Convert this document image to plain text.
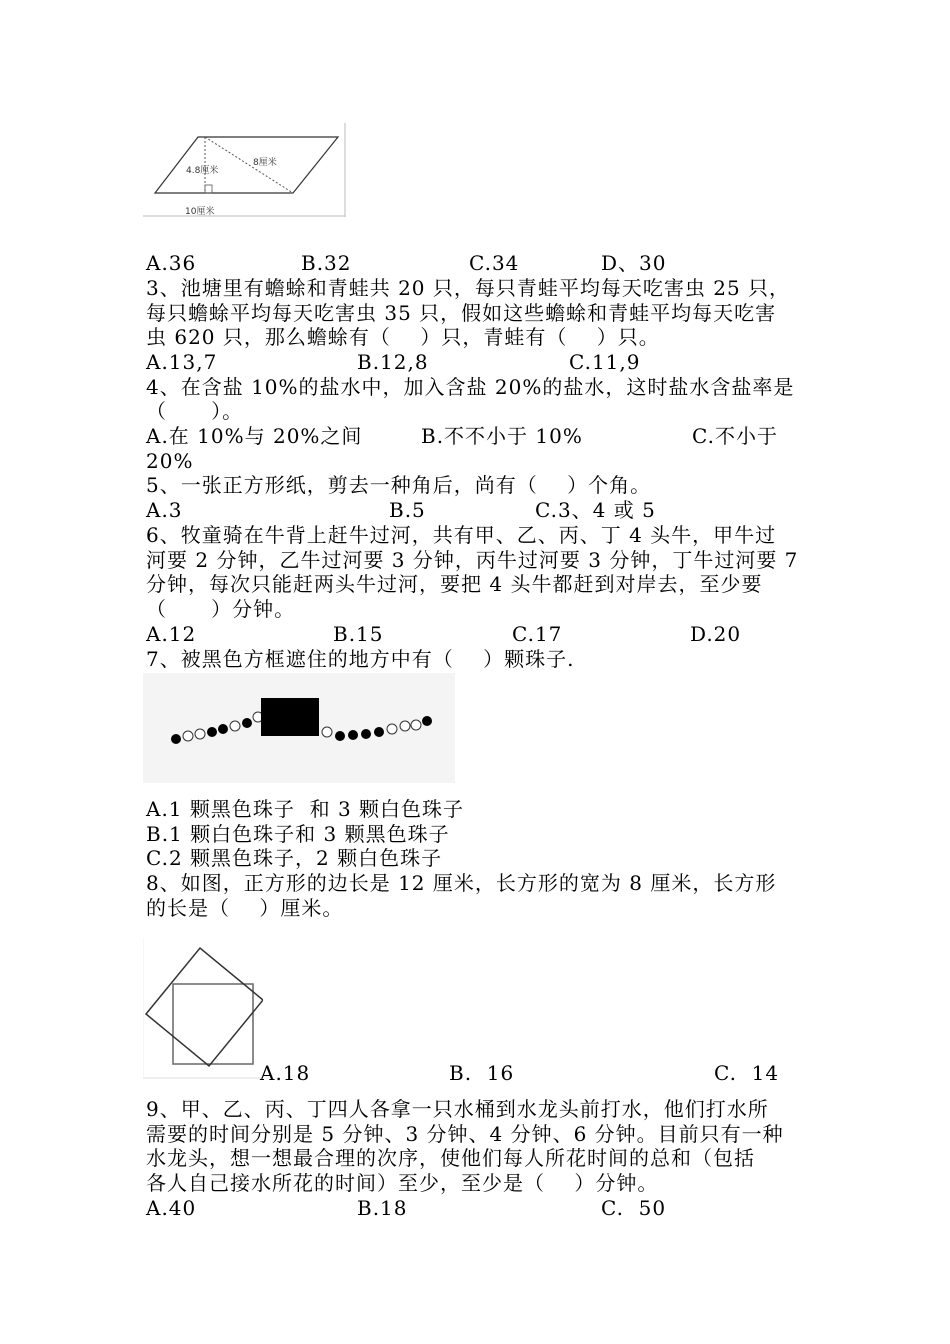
4.8厘米
8厘米
10厘米
A.36	B.32	C.34	D、30
3、池塘里有蟾蜍和青蛙共 20 只，每只青蛙平均每天吃害虫 25 只，
每只蟾蜍平均每天吃害虫 35 只，假如这些蟾蜍和青蛙平均每天吃害
虫 620 只，那么蟾蜍有（    ）只，青蛙有（    ）只。
A.13,7	B.12,8	C.11,9
4、在含盐 10%的盐水中，加入含盐 20%的盐水，这时盐水含盐率是
（      ）。
A.在 10%与 20%之间	B.不不小于 10%	C.不小于
20%
5、一张正方形纸，剪去一种角后，尚有（    ）个角。
A.3	B.5	C.3、4 或 5
6、牧童骑在牛背上赶牛过河，共有甲、乙、丙、丁 4 头牛，甲牛过
河要 2 分钟，乙牛过河要 3 分钟，丙牛过河要 3 分钟，丁牛过河要 7
分钟，每次只能赶两头牛过河，要把 4 头牛都赶到对岸去，至少要
（      ）分钟。
A.12	B.15	C.17	D.20
7、被黑色方框遮住的地方中有（    ）颗珠子.
A.1 颗黑色珠子  和 3 颗白色珠子
B.1 颗白色珠子和 3 颗黑色珠子
C.2 颗黑色珠子，2 颗白色珠子
8、如图，正方形的边长是 12 厘米，长方形的宽为 8 厘米，长方形
的长是（    ）厘米。
A.18	B.  16	C.  14
9、甲、乙、丙、丁四人各拿一只水桶到水龙头前打水，他们打水所
需要的时间分别是 5 分钟、3 分钟、4 分钟、6 分钟。目前只有一种
水龙头，想一想最合理的次序，使他们每人所花时间的总和（包括
各人自己接水所花的时间）至少，至少是（    ）分钟。
A.40	B.18	C.  50
